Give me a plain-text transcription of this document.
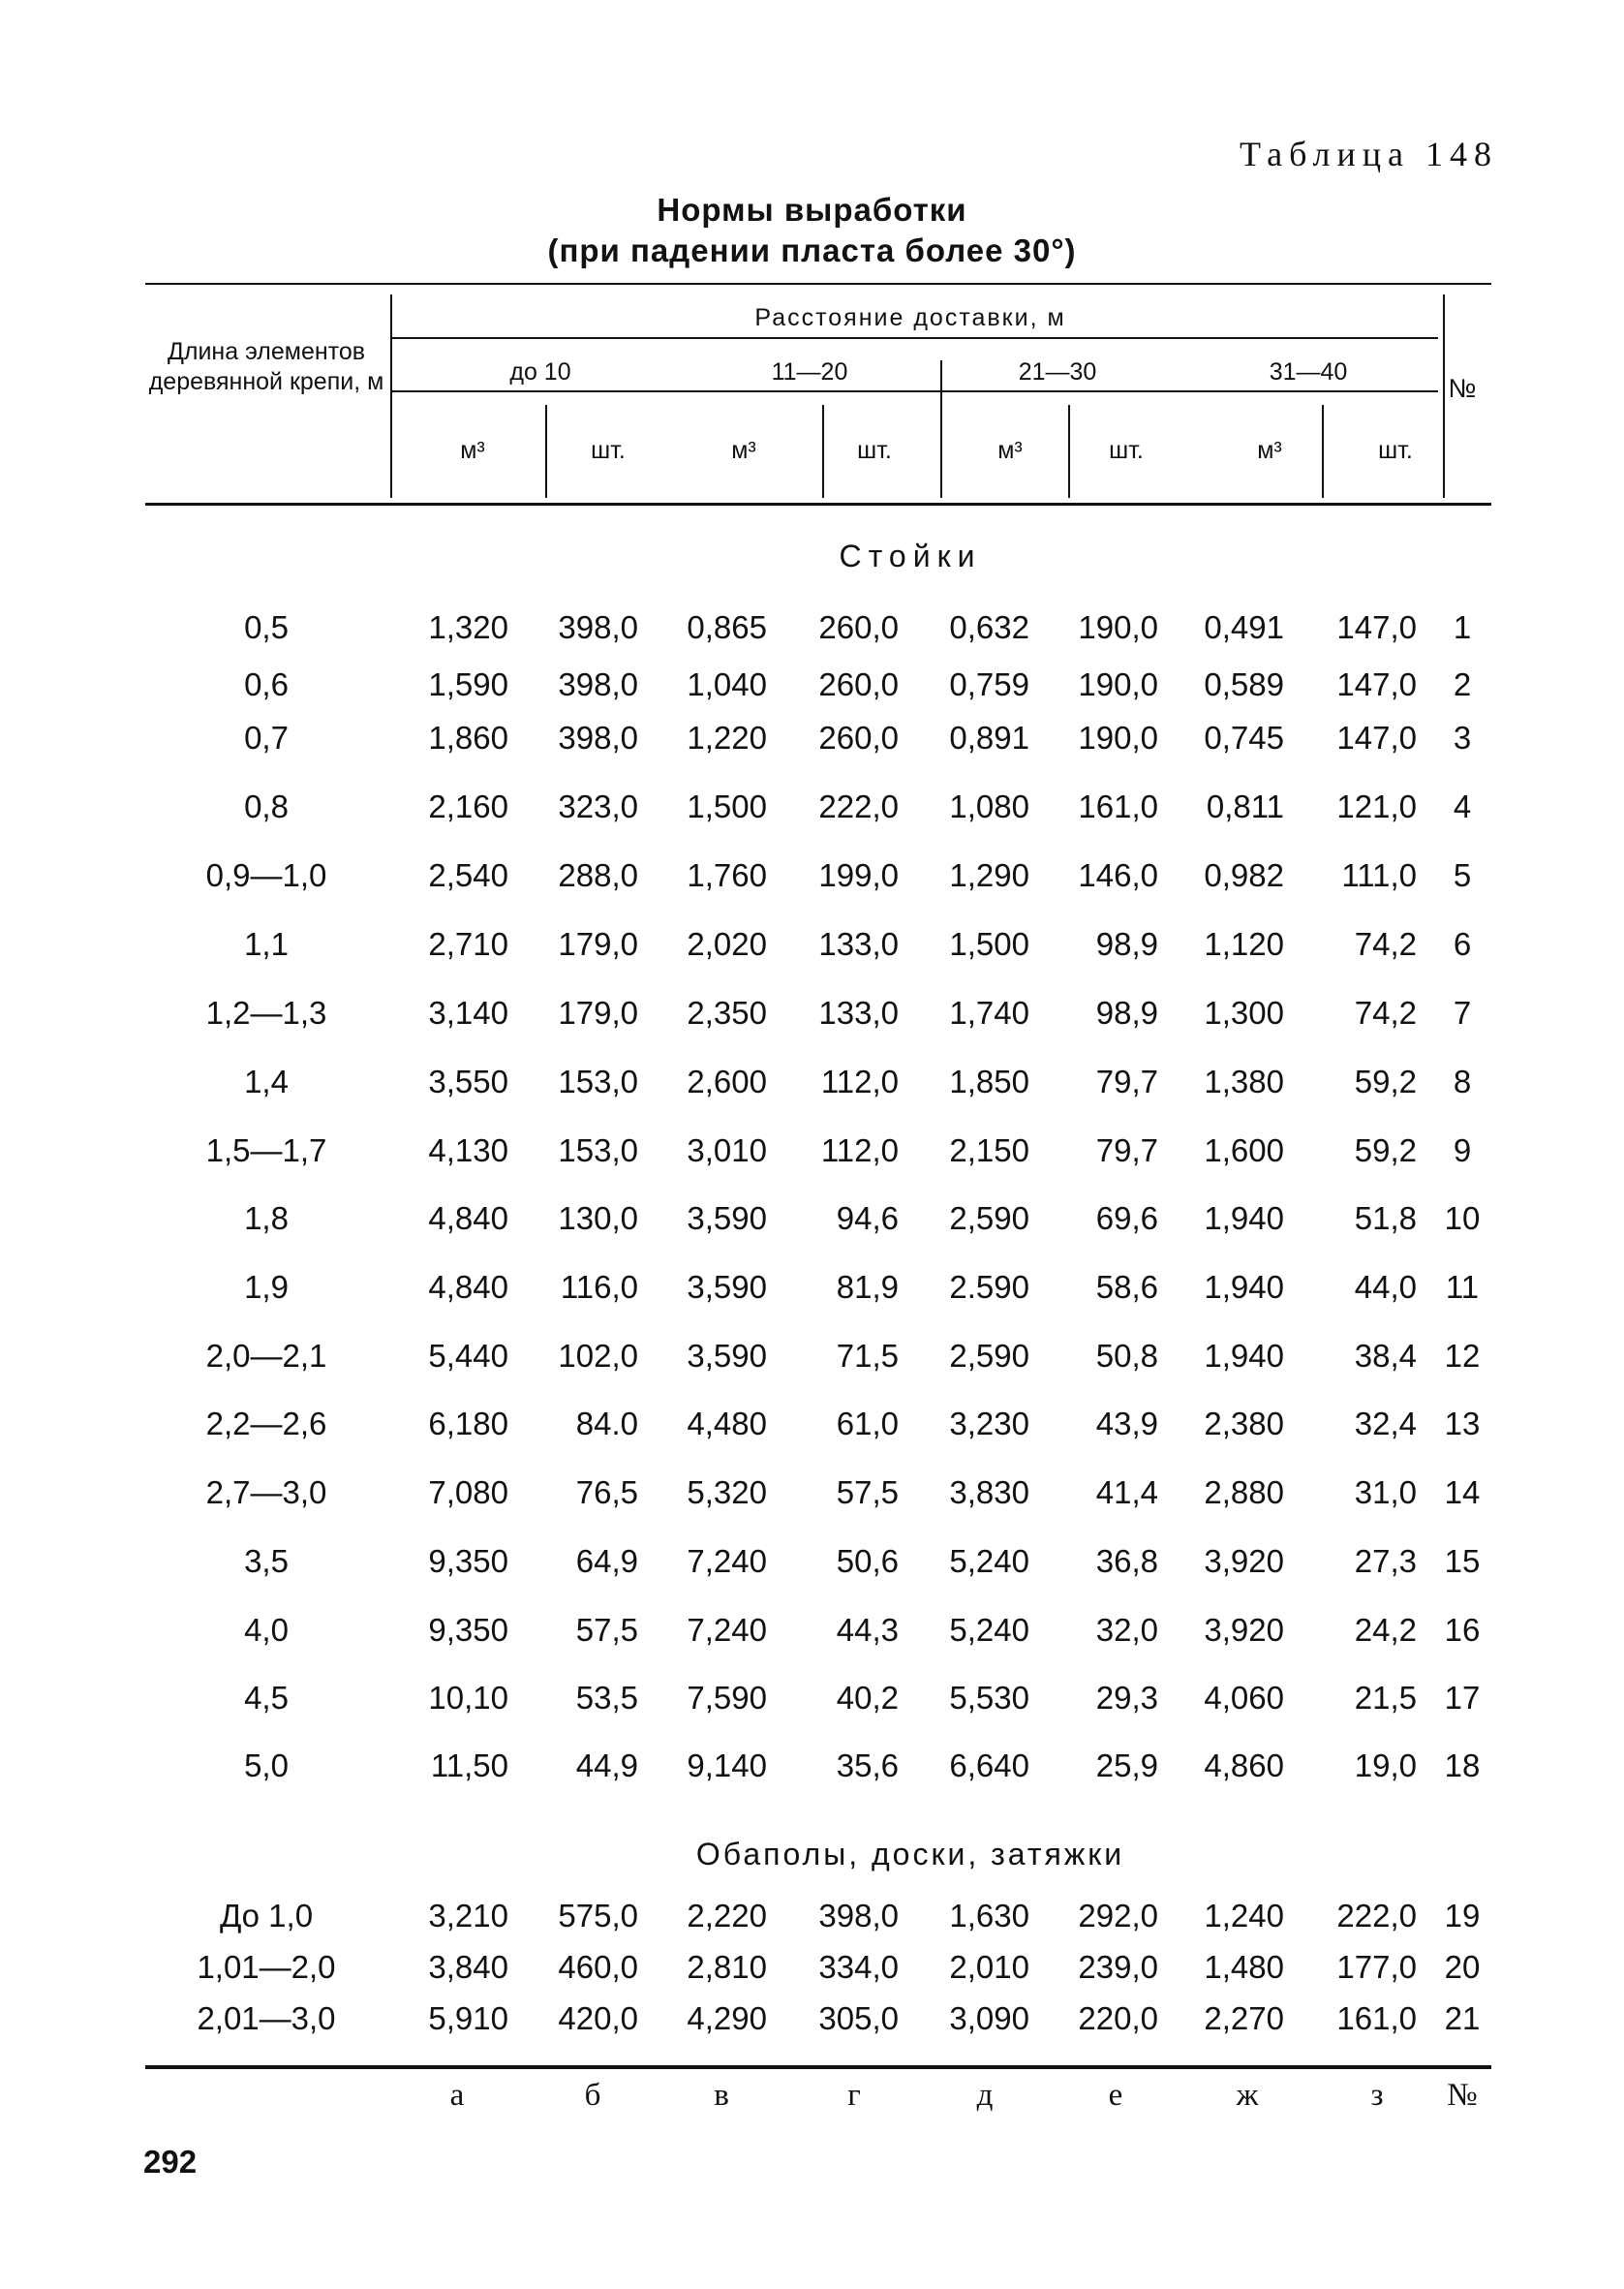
Таблица 148
Нормы выработки
(при падении пласта более 30°)
Длина элементов деревянной крепи, м
Расстояние доставки, м
до 10	11—20	21—30	31—40
м³	шт.	м³	шт.	м³	шт.	м³	шт.
№
Стойки
Обаполы, доски, затяжки
0,5	1,320	398,0	0,865	260,0	0,632	190,0	0,491	147,0	1
0,6	1,590	398,0	1,040	260,0	0,759	190,0	0,589	147,0	2
0,7	1,860	398,0	1,220	260,0	0,891	190,0	0,745	147,0	3
0,8	2,160	323,0	1,500	222,0	1,080	161,0	0,811	121,0	4
0,9—1,0	2,540	288,0	1,760	199,0	1,290	146,0	0,982	111,0	5
1,1	2,710	179,0	2,020	133,0	1,500	98,9	1,120	74,2	6
1,2—1,3	3,140	179,0	2,350	133,0	1,740	98,9	1,300	74,2	7
1,4	3,550	153,0	2,600	112,0	1,850	79,7	1,380	59,2	8
1,5—1,7	4,130	153,0	3,010	112,0	2,150	79,7	1,600	59,2	9
1,8	4,840	130,0	3,590	94,6	2,590	69,6	1,940	51,8 10
1,9	4,840	116,0	3,590	81,9	2.590	58,6	1,940	44,0 11
2,0—2,1	5,440	102,0	3,590	71,5	2,590	50,8	1,940	38,4 12
2,2—2,6	6,180	84.0	4,480	61,0	3,230	43,9	2,380	32,4 13
2,7—3,0	7,080	76,5	5,320	57,5	3,830	41,4	2,880	31,0 14
3,5	9,350	64,9	7,240	50,6	5,240	36,8	3,920	27,3 15
4,0	9,350	57,5	7,240	44,3	5,240	32,0	3,920	24,2 16
4,5	10,10	53,5	7,590	40,2	5,530	29,3	4,060	21,5 17
5,0	11,50	44,9	9,140	35,6	6,640	25,9	4,860	19,0 18
До 1,0	3,210	575,0	2,220	398,0	1,630	292,0	1,240	222,0 19
1,01—2,0	3,840	460,0	2,810	334,0	2,010	239,0	1,480	177,0 20
2,01—3,0	5,910	420,0	4,290	305,0	3,090	220,0	2,270	161,0 21
а	б	в	г	д	е	ж	з	№
292
